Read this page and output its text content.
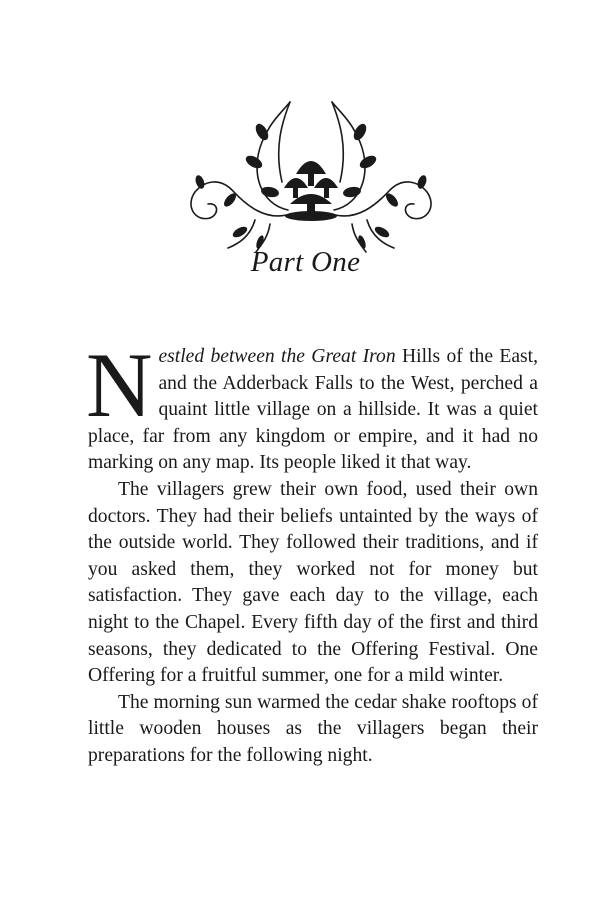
Part One

Nestled between the Great Iron Hills of the East, and the Adderback Falls to the West, perched a quaint little village on a hillside. It was a quiet place, far from any kingdom or empire, and it had no marking on any map. Its people liked it that way.

The villagers grew their own food, used their own doctors. They had their beliefs untainted by the ways of the outside world. They followed their traditions, and if you asked them, they worked not for money but satisfaction. They gave each day to the village, each night to the Chapel. Every fifth day of the first and third seasons, they dedicated to the Offering Festival. One Offering for a fruitful summer, one for a mild winter.

The morning sun warmed the cedar shake rooftops of little wooden houses as the villagers began their preparations for the following night.
